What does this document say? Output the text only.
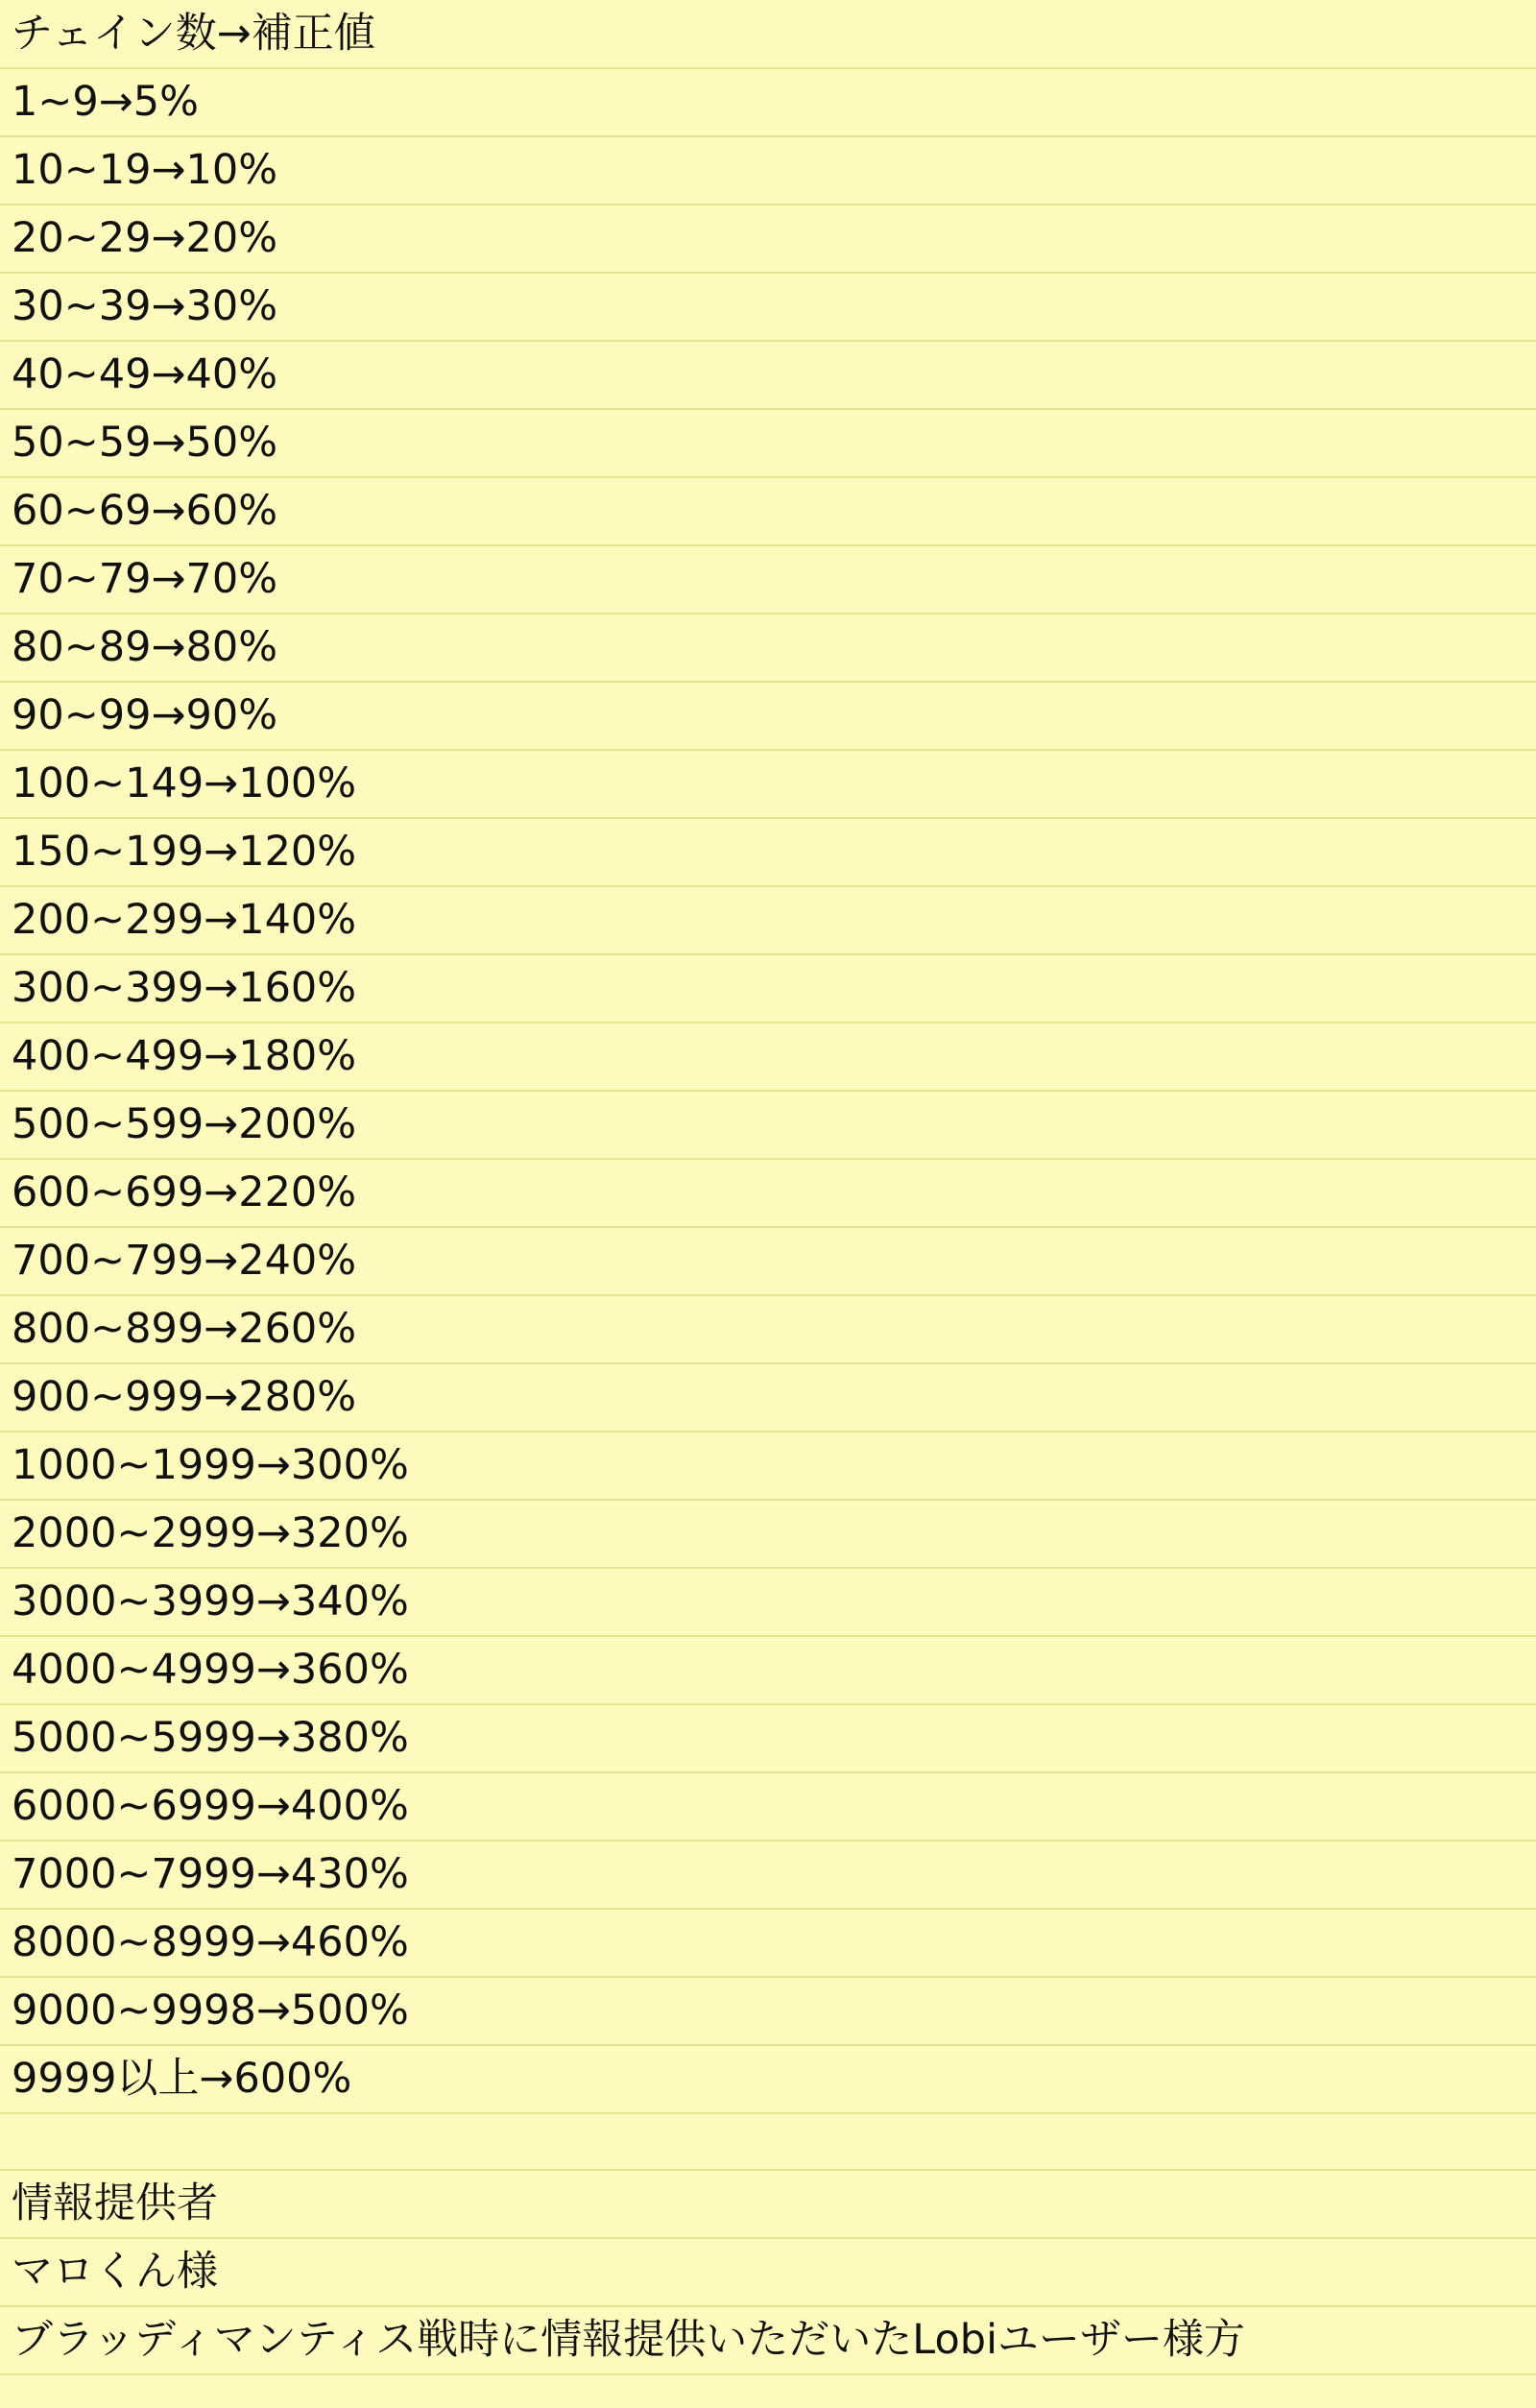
チェイン数→補正値
1~9→5%
10~19→10%
20~29→20%
30~39→30%
40~49→40%
50~59→50%
60~69→60%
70~79→70%
80~89→80%
90~99→90%
100~149→100%
150~199→120%
200~299→140%
300~399→160%
400~499→180%
500~599→200%
600~699→220%
700~799→240%
800~899→260%
900~999→280%
1000~1999→300%
2000~2999→320%
3000~3999→340%
4000~4999→360%
5000~5999→380%
6000~6999→400%
7000~7999→430%
8000~8999→460%
9000~9998→500%
9999以上→600%
情報提供者
マロくん様
ブラッディマンティス戦時に情報提供いただいたLobiユーザー様方
